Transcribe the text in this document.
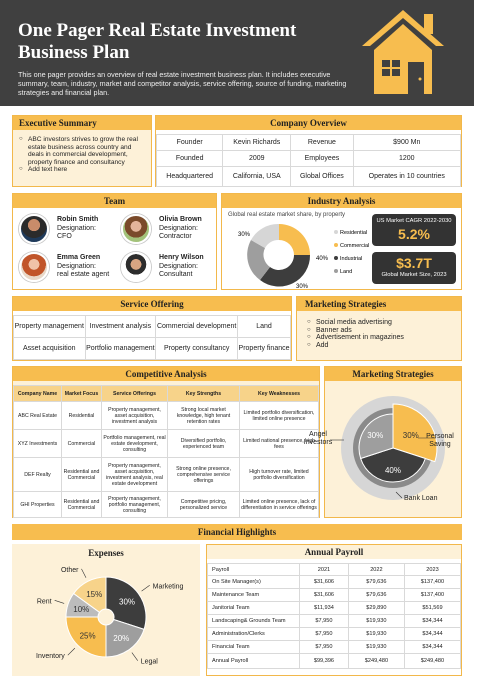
One Pager Real Estate Investment
Business Plan
This one pager provides an overview of real estate investment business plan. It includes executive summary, team, industry, market and competitor analysis, service offering, source of funding, marketing strategies and financial plan.
Executive Summary
○ ABC investors strives to grow the real estate business across country and deals in commercial development, property finance and consultancy
○ Add text here
Company Overview
Founder	Kevin Richards	Revenue	$900 Mn
Founded	2009	Employees	1200
Headquartered	California, USA	Global Offices	Operates in 10 countries
Team
Robin Smith
Designation:
CFO
Olivia Brown
Designation:
Contractor
Emma Green
Designation:
real estate agent
Henry Wilson
Designation:
Consultant
Industry Analysis
Global real estate market share, by property
30%
40%
30%
Residential
Commercial
Industrial
Land
US Market CAGR 2022-2030
5.2%
$3.7T
Global Market Size, 2023
Service Offering
Property management	Investment analysis	Commercial development	Land
Asset acquisition	Portfolio management	Property consultancy	Property finance
Marketing Strategies
○ Social media advertising
○ Banner ads
○ Advertisement in magazines
○ Add
Competitive Analysis
Company Name	Market Focus	Service Offerings	Key Strengths	Key Weaknesses
ABC Real Estate	Residential	Property management, asset acquisition, investment analysis	Strong local market knowledge, high tenant retention rates	Limited portfolio diversification, limited online presence
XYZ Investments	Commercial	Portfolio management, real estate development, consulting	Diversified portfolio, experienced team	Limited national presence, high fees
DEF Realty	Residential and Commercial	Property management, asset acquisition, investment analysis, real estate development	Strong online presence, comprehensive service offerings	High turnover rate, limited portfolio diversification
GHI Properties	Residential and Commercial	Property management, portfolio management, consulting	Competitive pricing, personalized service	Limited online presence, lack of differentiation in service offerings
Marketing Strategies
30%
40%
30%	Personal Saving
Bank Loan
Angel Investors
Financial Highlights
Expenses
30%
Marketing
20%
Legal
25%
Inventory
10%
Rent
15%
Other
Annual Payroll
Payroll	2021	2022	2023
On Site Manager(s)	$31,606	$79,636	$137,400
Maintenance Team	$31,606	$79,636	$137,400
Janitorial Team	$11,934	$29,890	$51,569
Landscaping& Grounds Team	$7,950	$19,930	$34,344
Administration/Clerks	$7,950	$19,930	$34,344
Financial Team	$7,950	$19,930	$34,344
Annual Payroll	$99,396	$249,480	$249,480
